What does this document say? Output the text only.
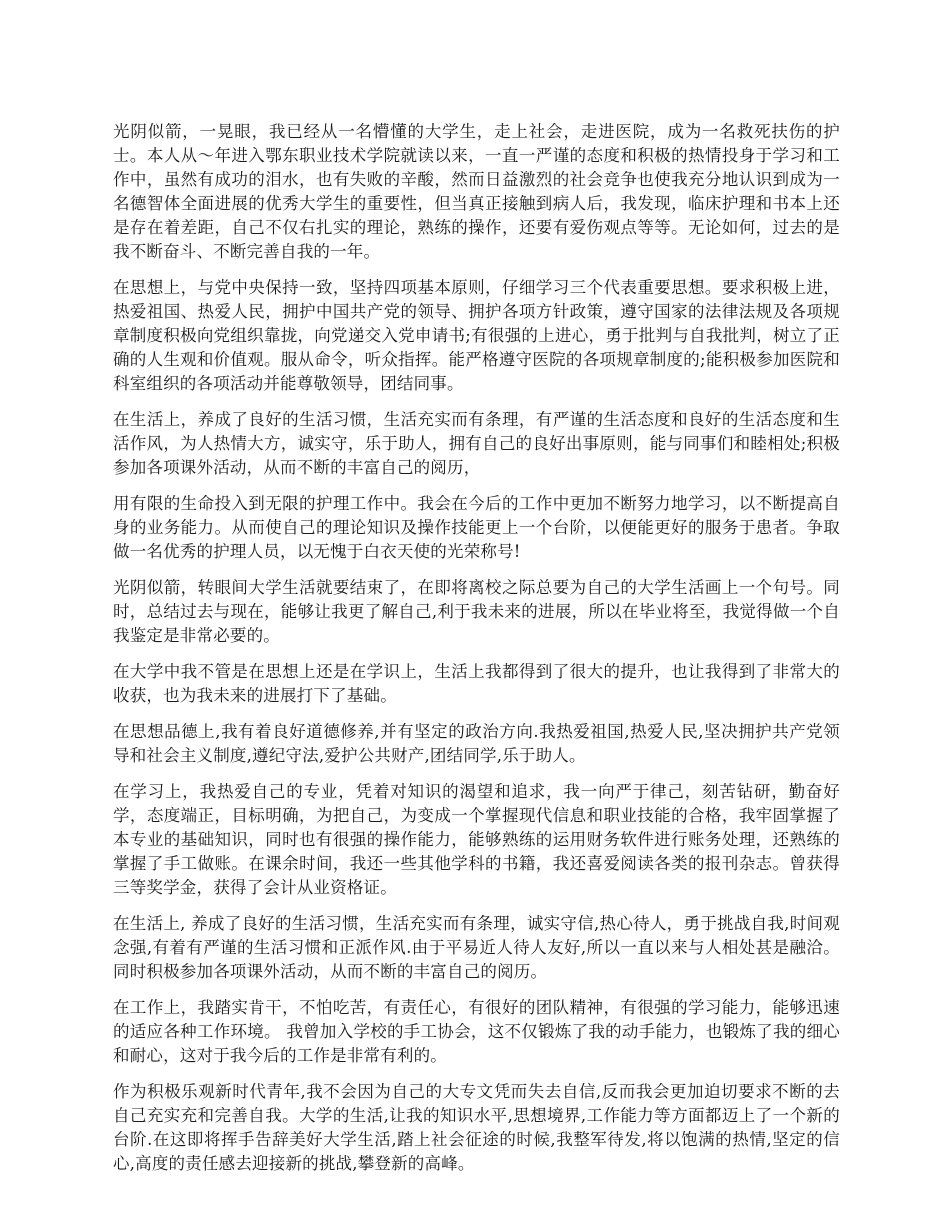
光阴似箭，一晃眼，我已经从一名懵懂的大学生，走上社会，走进医院，成为一名救死扶伤的护士。本人从～年进入鄂东职业技术学院就读以来，一直一严谨的态度和积极的热情投身于学习和工作中，虽然有成功的泪水，也有失败的辛酸，然而日益激烈的社会竞争也使我充分地认识到成为一名德智体全面进展的优秀大学生的重要性，但当真正接触到病人后，我发现，临床护理和书本上还是存在着差距，自己不仅右扎实的理论，熟练的操作，还要有爱伤观点等等。无论如何，过去的是我不断奋斗、不断完善自我的一年。

在思想上，与党中央保持一致，坚持四项基本原则，仔细学习三个代表重要思想。要求积极上进，热爱祖国、热爱人民，拥护中国共产党的领导、拥护各项方针政策，遵守国家的法律法规及各项规章制度积极向党组织靠拢，向党递交入党申请书;有很强的上进心，勇于批判与自我批判，树立了正确的人生观和价值观。服从命令，听众指挥。能严格遵守医院的各项规章制度的;能积极参加医院和科室组织的各项活动并能尊敬领导，团结同事。

在生活上，养成了良好的生活习惯，生活充实而有条理，有严谨的生活态度和良好的生活态度和生活作风，为人热情大方，诚实守，乐于助人，拥有自己的良好出事原则，能与同事们和睦相处;积极参加各项课外活动，从而不断的丰富自己的阅历，

用有限的生命投入到无限的护理工作中。我会在今后的工作中更加不断努力地学习，以不断提高自身的业务能力。从而使自己的理论知识及操作技能更上一个台阶，以便能更好的服务于患者。争取做一名优秀的护理人员，以无愧于白衣天使的光荣称号!

光阴似箭，转眼间大学生活就要结束了，在即将离校之际总要为自己的大学生活画上一个句号。同时，总结过去与现在，能够让我更了解自己,利于我未来的进展，所以在毕业将至，我觉得做一个自我鉴定是非常必要的。

在大学中我不管是在思想上还是在学识上，生活上我都得到了很大的提升，也让我得到了非常大的收获，也为我未来的进展打下了基础。

在思想品德上,我有着良好道德修养,并有坚定的政治方向.我热爱祖国,热爱人民,坚决拥护共产党领导和社会主义制度,遵纪守法,爱护公共财产,团结同学,乐于助人。

在学习上，我热爱自己的专业，凭着对知识的渴望和追求，我一向严于律己，刻苦钻研，勤奋好学，态度端正，目标明确，为把自己，为变成一个掌握现代信息和职业技能的合格，我牢固掌握了本专业的基础知识，同时也有很强的操作能力，能够熟练的运用财务软件进行账务处理，还熟练的掌握了手工做账。在课余时间，我还一些其他学科的书籍，我还喜爱阅读各类的报刊杂志。曾获得三等奖学金，获得了会计从业资格证。

在生活上, 养成了良好的生活习惯，生活充实而有条理，诚实守信,热心待人，勇于挑战自我,时间观念强,有着有严谨的生活习惯和正派作风.由于平易近人待人友好,所以一直以来与人相处甚是融洽。同时积极参加各项课外活动，从而不断的丰富自己的阅历。

在工作上，我踏实肯干，不怕吃苦，有责任心，有很好的团队精神，有很强的学习能力，能够迅速的适应各种工作环境。 我曾加入学校的手工协会，这不仅锻炼了我的动手能力，也锻炼了我的细心和耐心，这对于我今后的工作是非常有利的。

作为积极乐观新时代青年,我不会因为自己的大专文凭而失去自信,反而我会更加迫切要求不断的去自己充实充和完善自我。大学的生活,让我的知识水平,思想境界,工作能力等方面都迈上了一个新的台阶.在这即将挥手告辞美好大学生活,踏上社会征途的时候,我整军待发,将以饱满的热情,坚定的信心,高度的责任感去迎接新的挑战,攀登新的高峰。
